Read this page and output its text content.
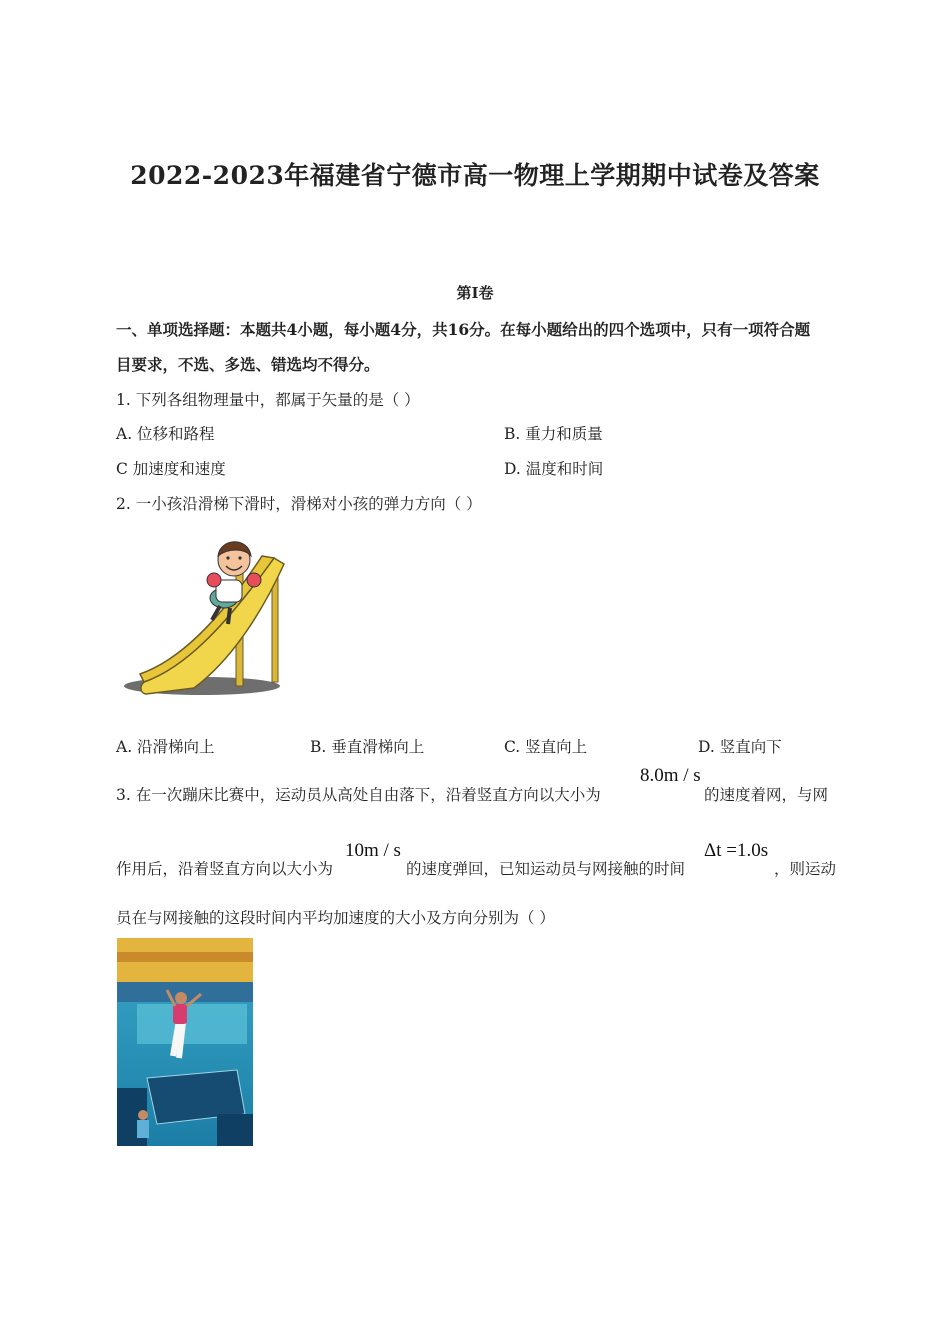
2022-2023年福建省宁德市高一物理上学期期中试卷及答案
第I卷
一、单项选择题：本题共4小题，每小题4分，共16分。在每小题给出的四个选项中，只有一项符合题
目要求，不选、多选、错选均不得分。
1. 下列各组物理量中，都属于矢量的是（ ）
A. 位移和路程	B. 重力和质量
C 加速度和速度	D. 温度和时间
2. 一小孩沿滑梯下滑时，滑梯对小孩的弹力方向（ ）
A. 沿滑梯向上	B. 垂直滑梯向上	C. 竖直向上	D. 竖直向下
3. 在一次蹦床比赛中，运动员从高处自由落下，沿着竖直方向以大小为
8.0m / s
的速度着网，与网
作用后，沿着竖直方向以大小为
10m / s
的速度弹回，已知运动员与网接触的时间
Δt =1.0s
，则运动
员在与网接触的这段时间内平均加速度的大小及方向分别为（ ）
